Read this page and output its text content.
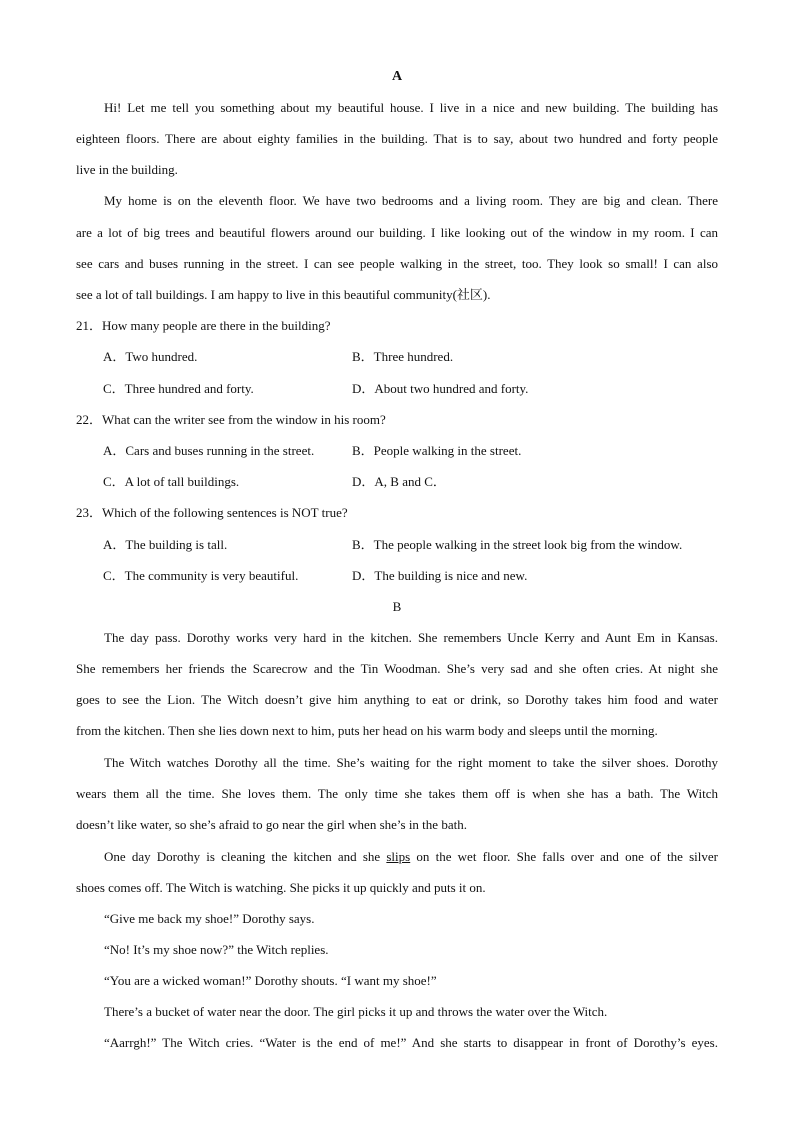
A
Hi! Let me tell you something about my beautiful house. I live in a nice and new building. The building has
eighteen floors. There are about eighty families in the building. That is to say, about two hundred and forty people
live in the building.
My home is on the eleventh floor. We have two bedrooms and a living room. They are big and clean. There
are a lot of big trees and beautiful flowers around our building. I like looking out of the window in my room. I can
see cars and buses running in the street. I can see people walking in the street, too. They look so small! I can also
see a lot of tall buildings. I am happy to live in this beautiful community(社区).
21．How many people are there in the building?
A．Two hundred.	B．Three hundred.
C．Three hundred and forty.	D．About two hundred and forty.
22．What can the writer see from the window in his room?
A．Cars and buses running in the street.	B．People walking in the street.
C．A lot of tall buildings.	D．A, B and C．
23．Which of the following sentences is NOT true?
A．The building is tall.	B．The people walking in the street look big from the window.
C．The community is very beautiful.	D．The building is nice and new.
B
The day pass. Dorothy works very hard in the kitchen. She remembers Uncle Kerry and Aunt Em in Kansas.
She remembers her friends the Scarecrow and the Tin Woodman. She’s very sad and she often cries. At night she
goes to see the Lion. The Witch doesn’t give him anything to eat or drink, so Dorothy takes him food and water
from the kitchen. Then she lies down next to him, puts her head on his warm body and sleeps until the morning.
The Witch watches Dorothy all the time. She’s waiting for the right moment to take the silver shoes. Dorothy
wears them all the time. She loves them. The only time she takes them off is when she has a bath. The Witch
doesn’t like water, so she’s afraid to go near the girl when she’s in the bath.
One day Dorothy is cleaning the kitchen and she slips on the wet floor. She falls over and one of the silver
shoes comes off. The Witch is watching. She picks it up quickly and puts it on.
“Give me back my shoe!” Dorothy says.
“No! It’s my shoe now?” the Witch replies.
“You are a wicked woman!” Dorothy shouts. “I want my shoe!”
There’s a bucket of water near the door. The girl picks it up and throws the water over the Witch.
“Aarrgh!” The Witch cries. “Water is the end of me!” And she starts to disappear in front of Dorothy’s eyes.
